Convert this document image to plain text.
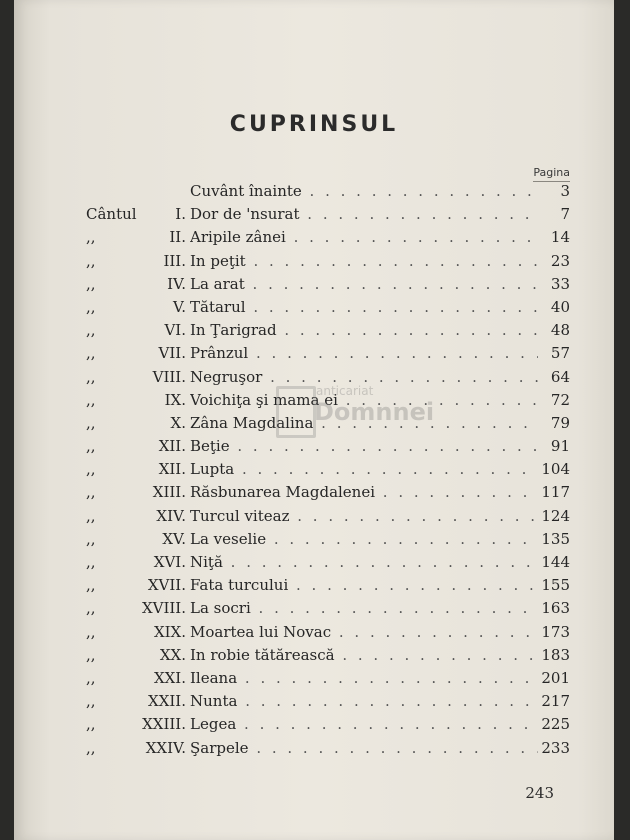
CUPRINSUL
Pagina
Cuvânt înainte . . .	3
Cântul	I. Dor de 'nsurat . . .	7
,,	II. Aripile zânei . . .	14
,,	III. In peţit . . .	23
,,	IV. La arat . . .	33
,,	V. Tătarul . . .	40
,,	VI. In Ţarigrad . . .	48
,,	VII. Prânzul . . .	57
,,	VIII. Negruşor . . .	64
,,	IX. Voichiţa şi mama ei . . .	72
,,	X. Zâna Magdalina . . .	79
,,	XII. Beţie . . .	91
,,	XII. Lupta . . .	104
,,	XIII. Răsbunarea Magdalenei . . .	117
,,	XIV. Turcul viteaz . . .	124
,,	XV. La veselie . . .	135
,,	XVI. Niţă . . .	144
,,	XVII. Fata turcului . . .	155
,,	XVIII. La socri . . .	163
,,	XIX. Moartea lui Novac . . .	173
,,	XX. In robie tătărească . . .	183
,,	XXI. Ileana . . .	201
,,	XXII. Nunta . . .	217
,,	XXIII. Legea . . .	225
,,	XXIV. Şarpele . . .	233
anticariat
Domnnei
243
